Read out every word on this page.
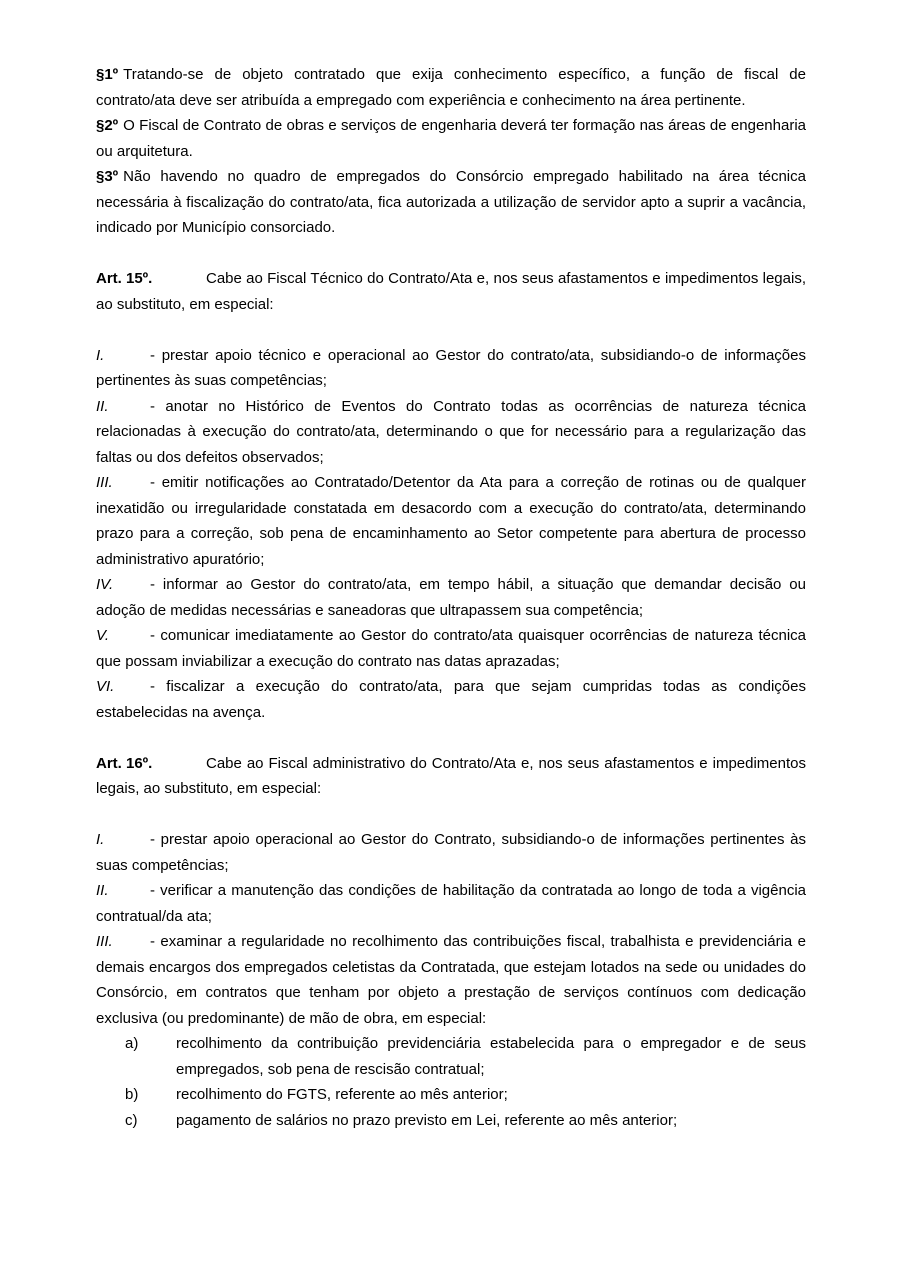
§1º Tratando-se de objeto contratado que exija conhecimento específico, a função de fiscal de contrato/ata deve ser atribuída a empregado com experiência e conhecimento na área pertinente.

§2º O Fiscal de Contrato de obras e serviços de engenharia deverá ter formação nas áreas de engenharia ou arquitetura.

§3º Não havendo no quadro de empregados do Consórcio empregado habilitado na área técnica necessária à fiscalização do contrato/ata, fica autorizada a utilização de servidor apto a suprir a vacância, indicado por Município consorciado.

Art. 15º.	Cabe ao Fiscal Técnico do Contrato/Ata e, nos seus afastamentos e impedimentos legais, ao substituto, em especial:

I.	- prestar apoio técnico e operacional ao Gestor do contrato/ata, subsidiando-o de informações pertinentes às suas competências;

II.	- anotar no Histórico de Eventos do Contrato todas as ocorrências de natureza técnica relacionadas à execução do contrato/ata, determinando o que for necessário para a regularização das faltas ou dos defeitos observados;

III. - emitir notificações ao Contratado/Detentor da Ata para a correção de rotinas ou de qualquer inexatidão ou irregularidade constatada em desacordo com a execução do contrato/ata, determinando prazo para a correção, sob pena de encaminhamento ao Setor competente para abertura de processo administrativo apuratório;

IV. - informar ao Gestor do contrato/ata, em tempo hábil, a situação que demandar decisão ou adoção de medidas necessárias e saneadoras que ultrapassem sua competência;

V.	- comunicar imediatamente ao Gestor do contrato/ata quaisquer ocorrências de natureza técnica que possam inviabilizar a execução do contrato nas datas aprazadas;

VI. - fiscalizar a execução do contrato/ata, para que sejam cumpridas todas as condições estabelecidas na avença.

Art. 16º.	Cabe ao Fiscal administrativo do Contrato/Ata e, nos seus afastamentos e impedimentos legais, ao substituto, em especial:

I.	- prestar apoio operacional ao Gestor do Contrato, subsidiando-o de informações pertinentes às suas competências;

II.	- verificar a manutenção das condições de habilitação da contratada ao longo de toda a vigência contratual/da ata;

III. - examinar a regularidade no recolhimento das contribuições fiscal, trabalhista e previdenciária e demais encargos dos empregados celetistas da Contratada, que estejam lotados na sede ou unidades do Consórcio, em contratos que tenham por objeto a prestação de serviços contínuos com dedicação exclusiva (ou predominante) de mão de obra, em especial:

a)	recolhimento da contribuição previdenciária estabelecida para o empregador e de seus empregados, sob pena de rescisão contratual;
b)	recolhimento do FGTS, referente ao mês anterior;
c)	pagamento de salários no prazo previsto em Lei, referente ao mês anterior;
